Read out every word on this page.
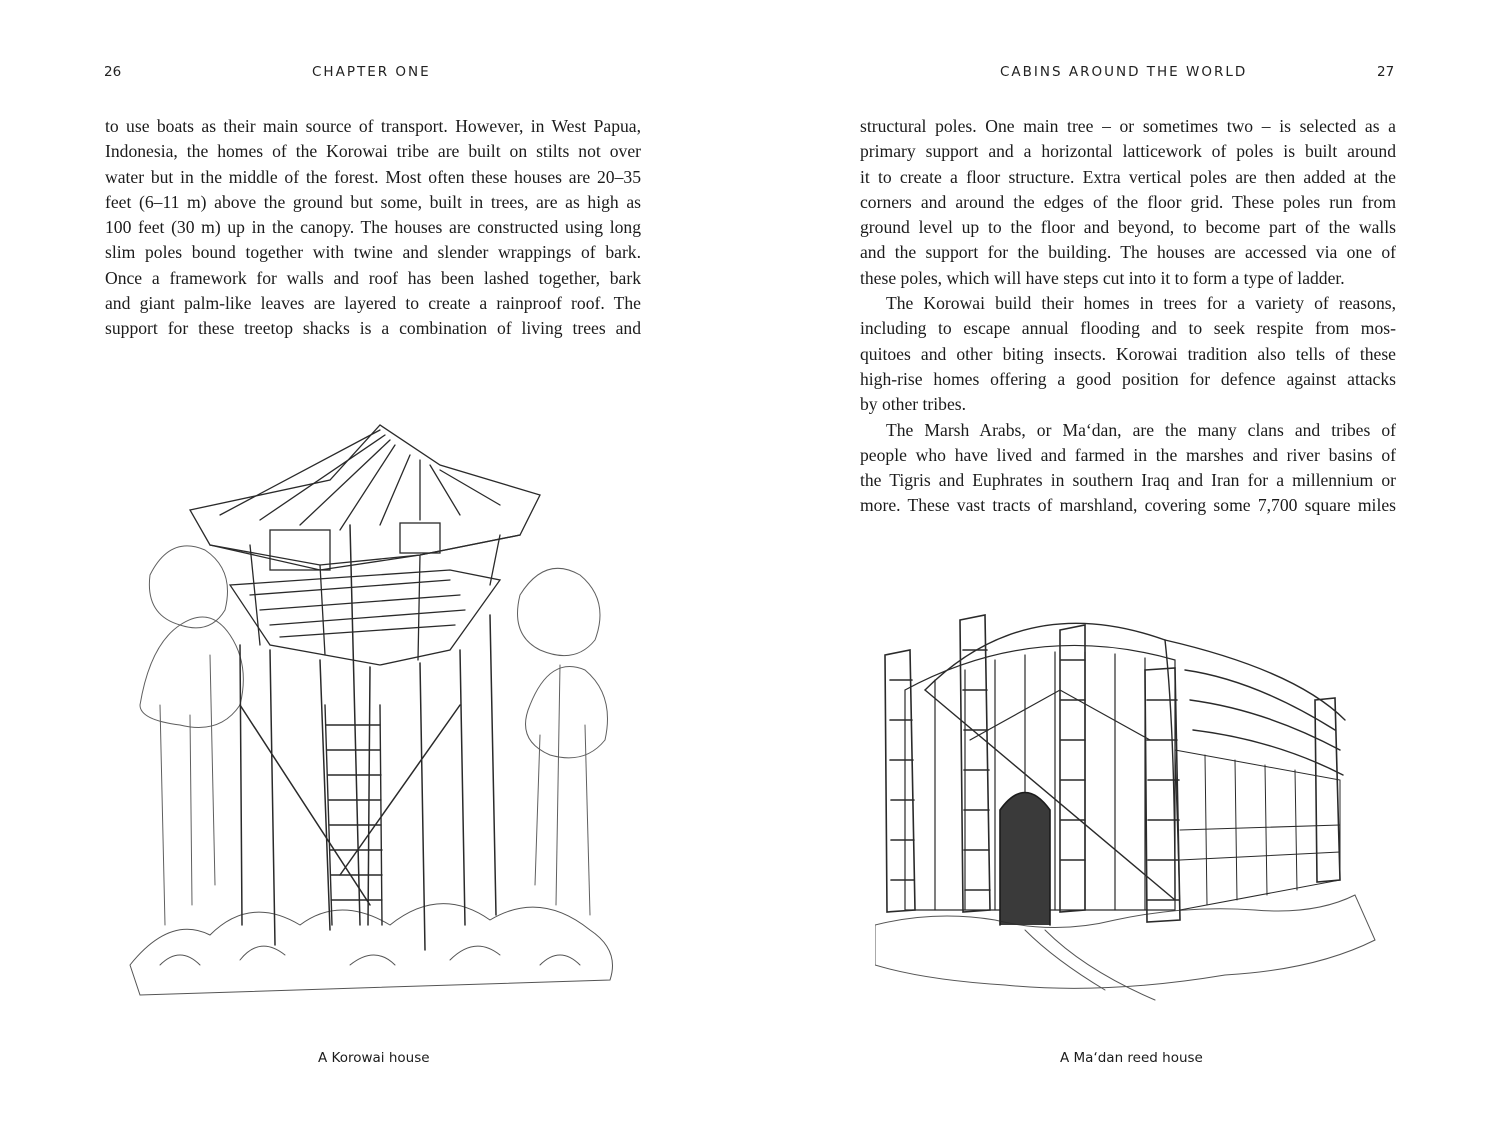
26	CHAPTER ONE

to use boats as their main source of transport. However, in West Papua,

Indonesia, the homes of the Korowai tribe are built on stilts not over

water but in the middle of the forest. Most often these houses are 20–35

feet (6–11 m) above the ground but some, built in trees, are as high as

100 feet (30 m) up in the canopy. The houses are constructed using long

slim poles bound together with twine and slender wrappings of bark.

Once a framework for walls and roof has been lashed together, bark

and giant palm-like leaves are layered to create a rainproof roof. The

support for these treetop shacks is a combination of living trees and

A Korowai house
CABINS AROUND THE WORLD	27

structural poles. One main tree – or sometimes two – is selected as a

primary support and a horizontal latticework of poles is built around

it to create a floor structure. Extra vertical poles are then added at the

corners and around the edges of the floor grid. These poles run from

ground level up to the floor and beyond, to become part of the walls

and the support for the building. The houses are accessed via one of

these poles, which will have steps cut into it to form a type of ladder.

The Korowai build their homes in trees for a variety of reasons,

including to escape annual flooding and to seek respite from mos-

quitoes and other biting insects. Korowai tradition also tells of these

high-rise homes offering a good position for defence against attacks

by other tribes.

The Marsh Arabs, or Ma‘dan, are the many clans and tribes of

people who have lived and farmed in the marshes and river basins of

the Tigris and Euphrates in southern Iraq and Iran for a millennium or

more. These vast tracts of marshland, covering some 7,700 square miles

A Ma‘dan reed house
